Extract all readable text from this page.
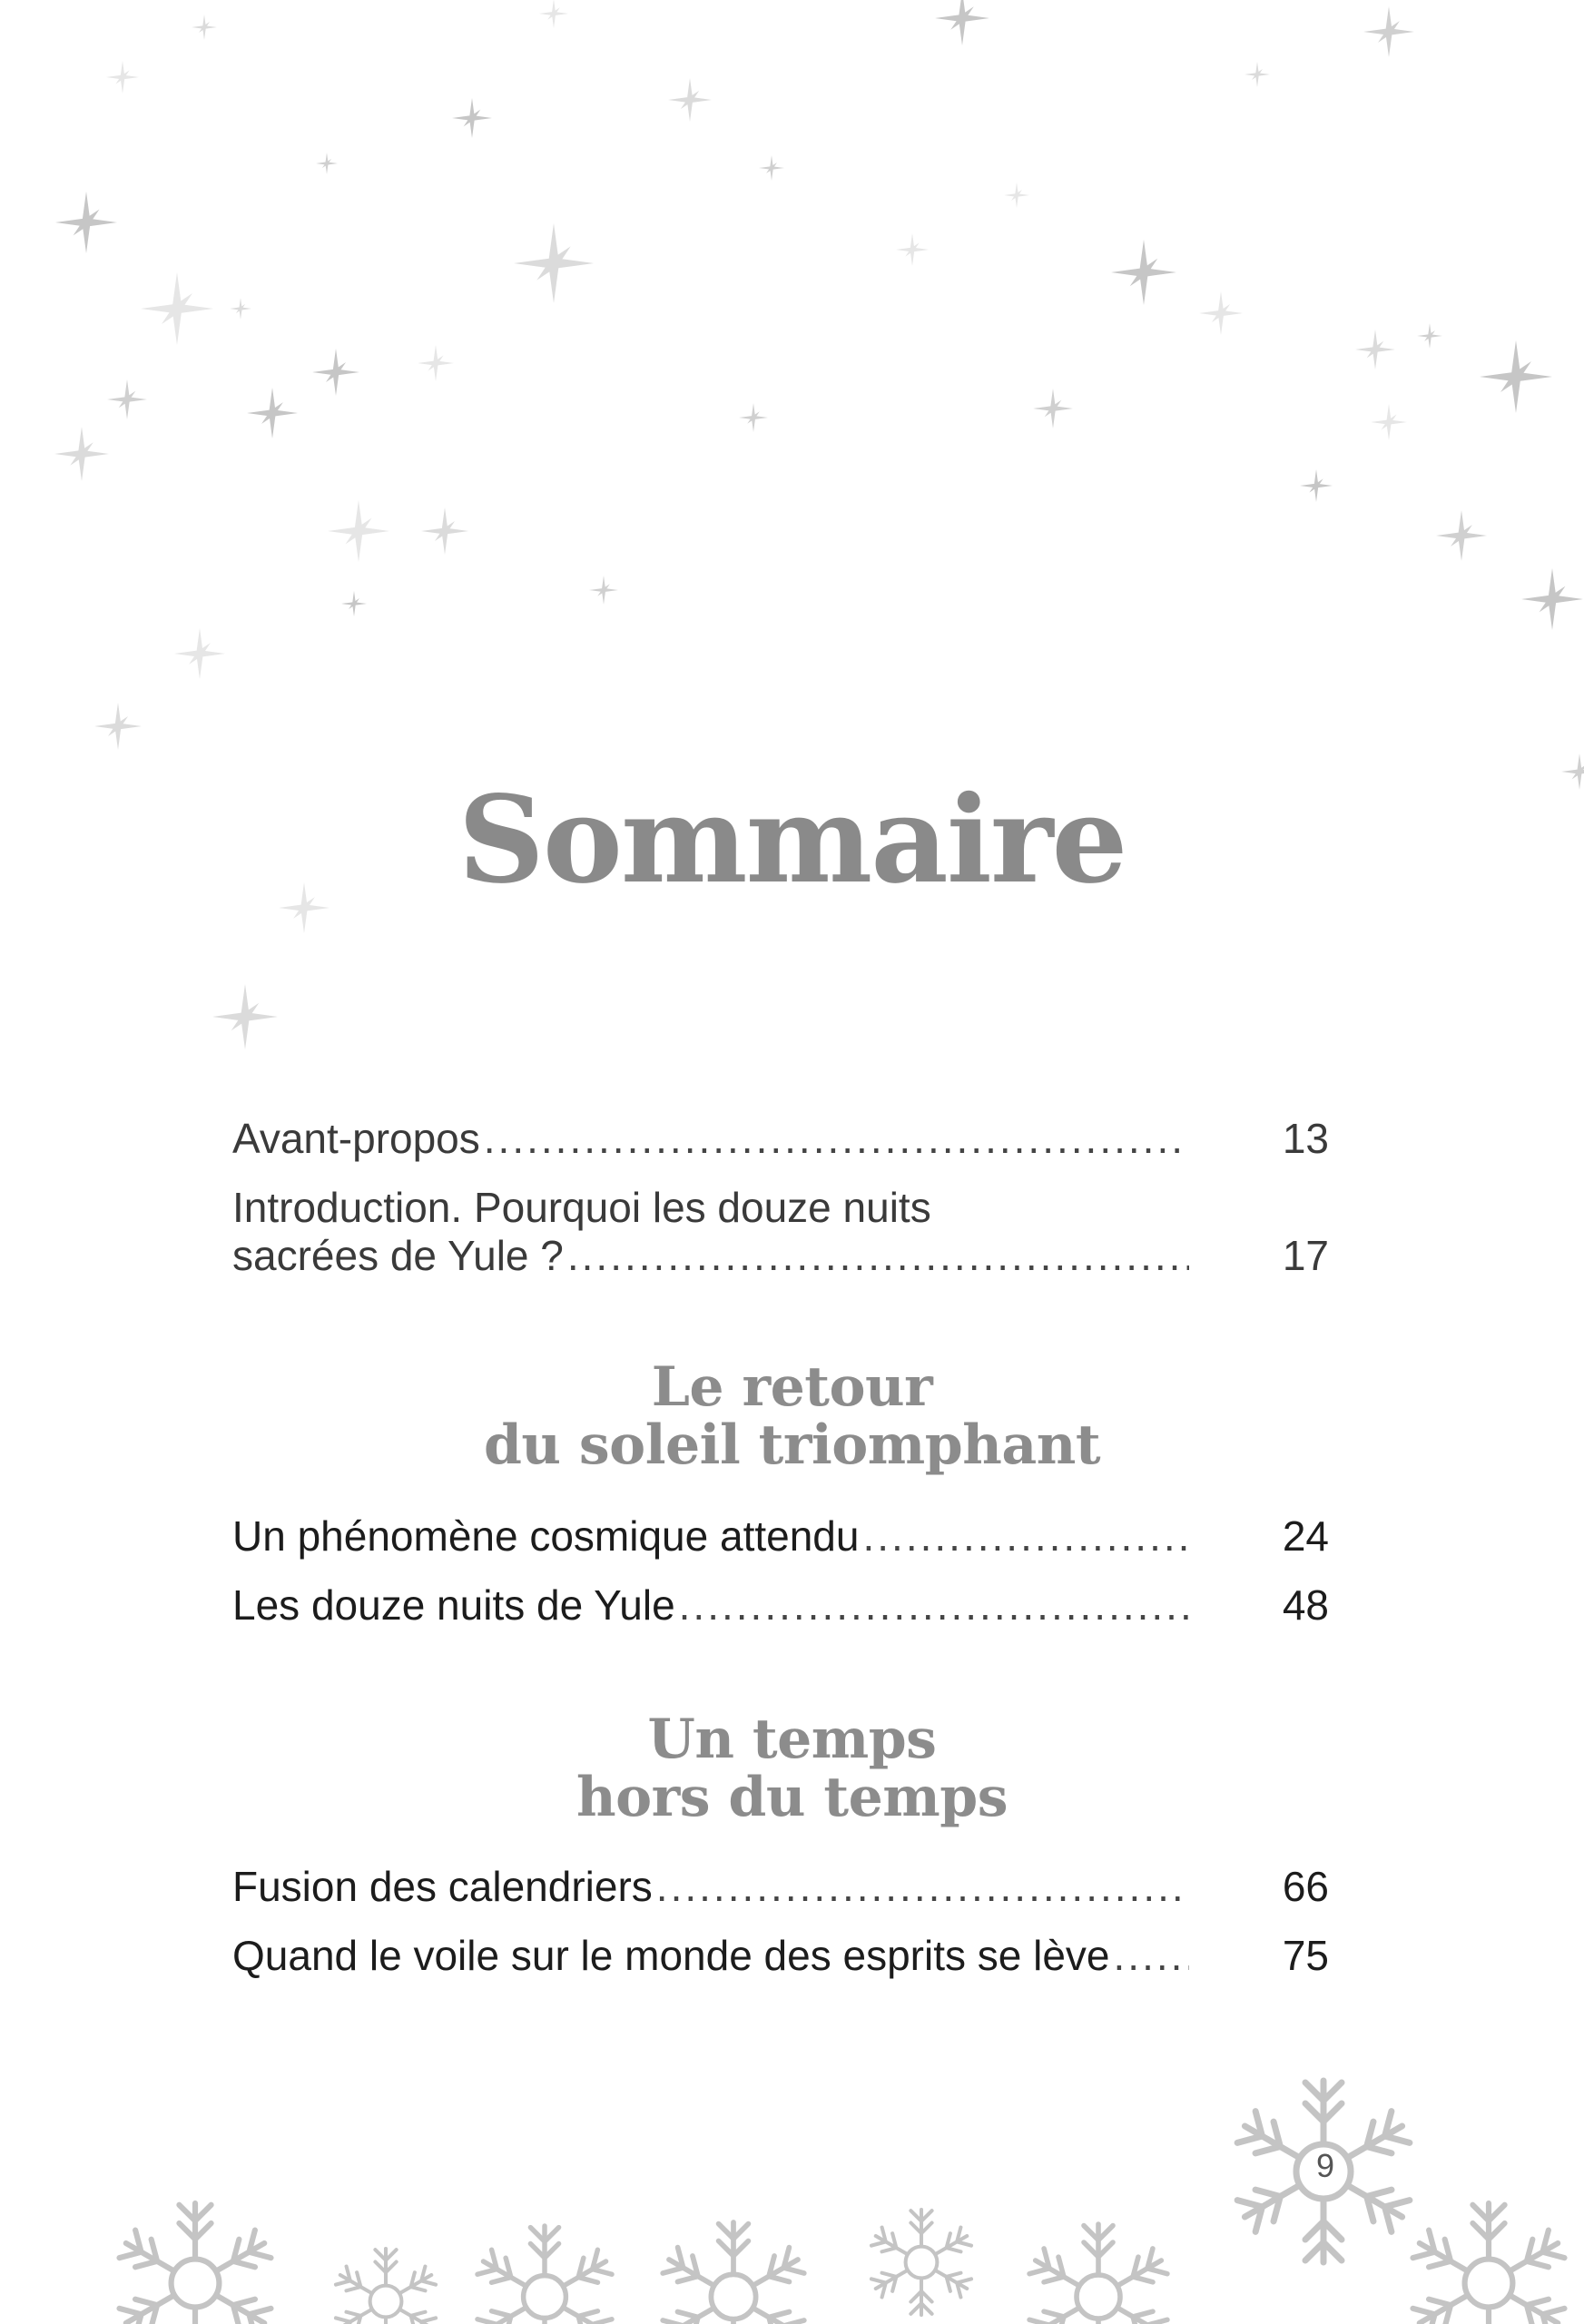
Sommaire
Avant-propos .....	13
Introduction. Pourquoi les douze nuits
sacrées de Yule ? .....	17
Le retour
du soleil triomphant
Un phénomène cosmique attendu .....	24
Les douze nuits de Yule .....	48
Un temps
hors du temps
Fusion des calendriers .....	66
Quand le voile sur le monde des esprits se lève .....	75
9
